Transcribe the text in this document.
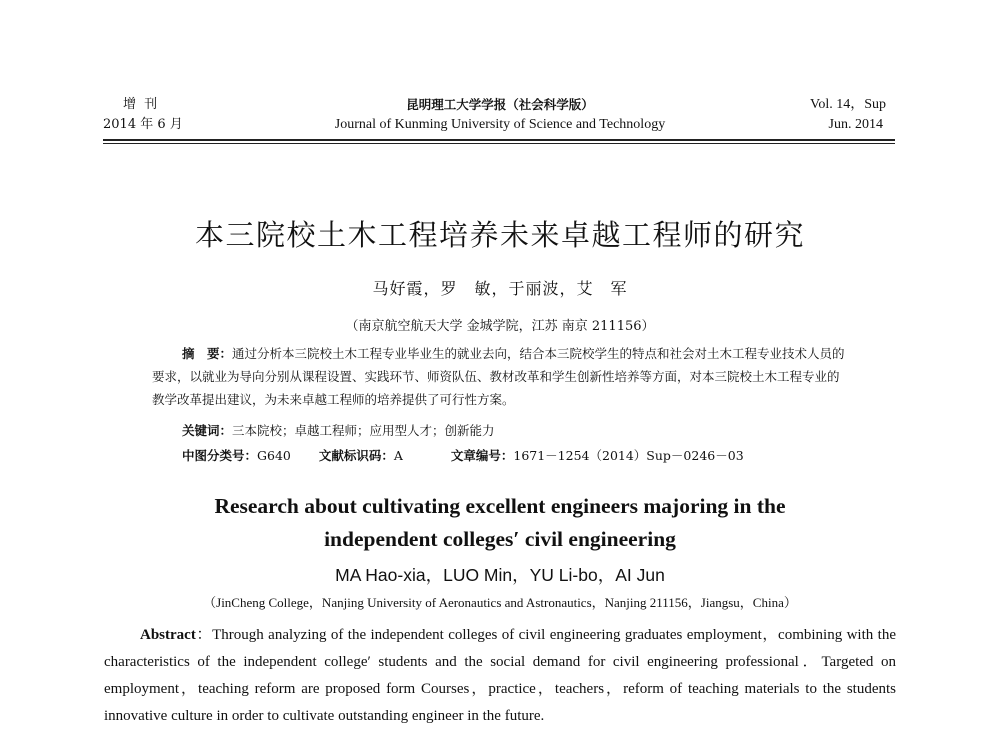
增 刊
2014 年 6 月
昆明理工大学学报（社会科学版）
Journal of Kunming University of Science and Technology
Vol. 14，Sup
Jun. 2014
本三院校土木工程培养未来卓越工程师的研究
马好霞，罗　敏，于丽波，艾　军
（南京航空航天大学 金城学院，江苏 南京 211156）
摘　要：通过分析本三院校土木工程专业毕业生的就业去向，结合本三院校学生的特点和社会对土木工程专业技术人员的要求，以就业为导向分别从课程设置、实践环节、师资队伍、教材改革和学生创新性培养等方面，对本三院校土木工程专业的教学改革提出建议，为未来卓越工程师的培养提供了可行性方案。
关键词：三本院校；卓越工程师；应用型人才；创新能力
中图分类号：G640 文献标识码：A	文章编号：1671－1254（2014）Sup－0246－03
Research about cultivating excellent engineers majoring in the
independent colleges′ civil engineering
MA Hao-xia，LUO Min，YU Li-bo，AI Jun
（JinCheng College，Nanjing University of Aeronautics and Astronautics，Nanjing 211156，Jiangsu，China）
Abstract：Through analyzing of the independent colleges of civil engineering graduates employment，combining with the characteristics of the independent college′ students and the social demand for civil engineering professional．Targeted on employment，teaching reform are proposed form Courses，practice，teachers，reform of teaching materials to the students innovative culture in order to cultivate outstanding engineer in the future.
